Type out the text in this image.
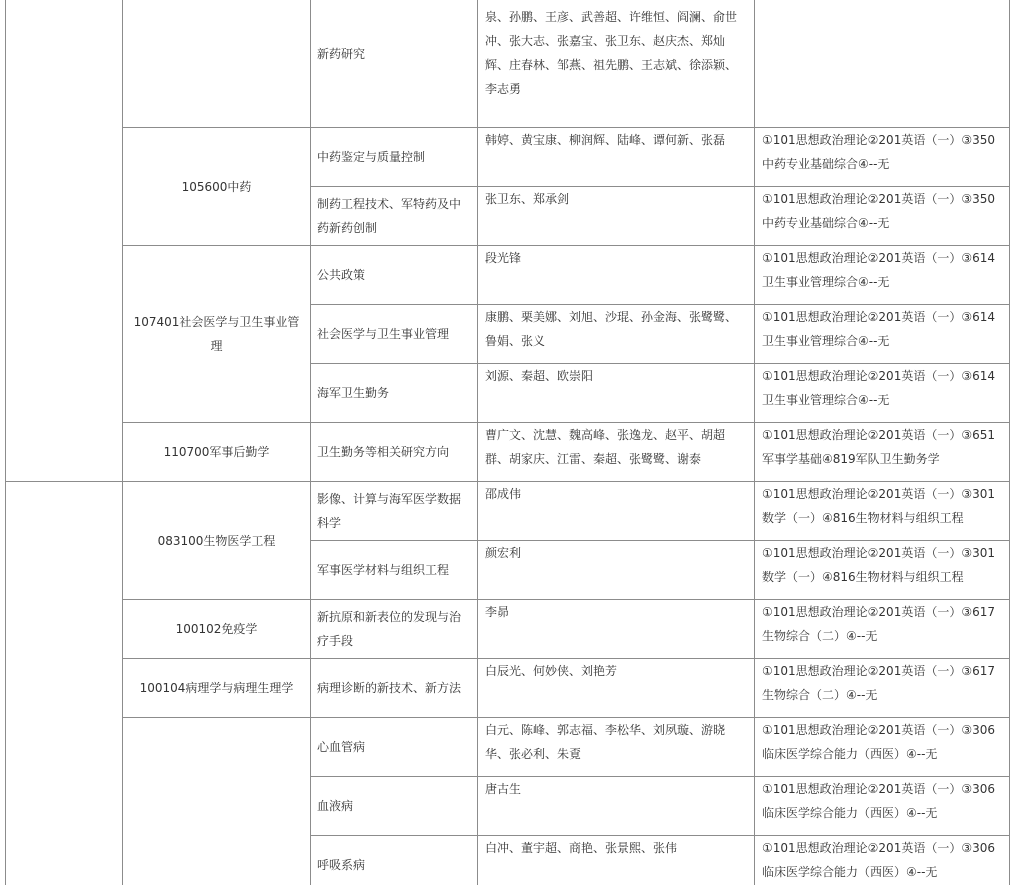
		新药研究	泉、孙鹏、王彦、武善超、许维恒、阎澜、俞世冲、张大志、张嘉宝、张卫东、赵庆杰、郑灿辉、庄春林、邹燕、祖先鹏、王志斌、徐添颖、李志勇	
	105600中药	中药鉴定与质量控制	韩婷、黄宝康、柳润辉、陆峰、谭何新、张磊	①101思想政治理论②201英语（一）③350中药专业基础综合④--无
		制药工程技术、军特药及中药新药创制	张卫东、郑承剑	①101思想政治理论②201英语（一）③350中药专业基础综合④--无
	107401社会医学与卫生事业管理	公共政策	段光锋	①101思想政治理论②201英语（一）③614卫生事业管理综合④--无
		社会医学与卫生事业管理	康鹏、栗美娜、刘旭、沙琨、孙金海、张鹭鹭、鲁娟、张义	①101思想政治理论②201英语（一）③614卫生事业管理综合④--无
		海军卫生勤务	刘源、秦超、欧崇阳	①101思想政治理论②201英语（一）③614卫生事业管理综合④--无
	110700军事后勤学	卫生勤务等相关研究方向	曹广文、沈慧、魏高峰、张逸龙、赵平、胡超群、胡家庆、江雷、秦超、张鹭鹭、谢泰	①101思想政治理论②201英语（一）③651军事学基础④819军队卫生勤务学
	083100生物医学工程	影像、计算与海军医学数据科学	邵成伟	①101思想政治理论②201英语（一）③301数学（一）④816生物材料与组织工程
		军事医学材料与组织工程	颜宏利	①101思想政治理论②201英语（一）③301数学（一）④816生物材料与组织工程
	100102免疫学	新抗原和新表位的发现与治疗手段	李昴	①101思想政治理论②201英语（一）③617生物综合（二）④--无
	100104病理学与病理生理学	病理诊断的新技术、新方法	白辰光、何妙侠、刘艳芳	①101思想政治理论②201英语（一）③617生物综合（二）④--无
		心血管病	白元、陈峰、郭志福、李松华、刘夙璇、游晓华、张必利、朱覔	①101思想政治理论②201英语（一）③306临床医学综合能力（西医）④--无
		血液病	唐古生	①101思想政治理论②201英语（一）③306临床医学综合能力（西医）④--无
		呼吸系病	白冲、董宇超、商艳、张景熙、张伟	①101思想政治理论②201英语（一）③306临床医学综合能力（西医）④--无
